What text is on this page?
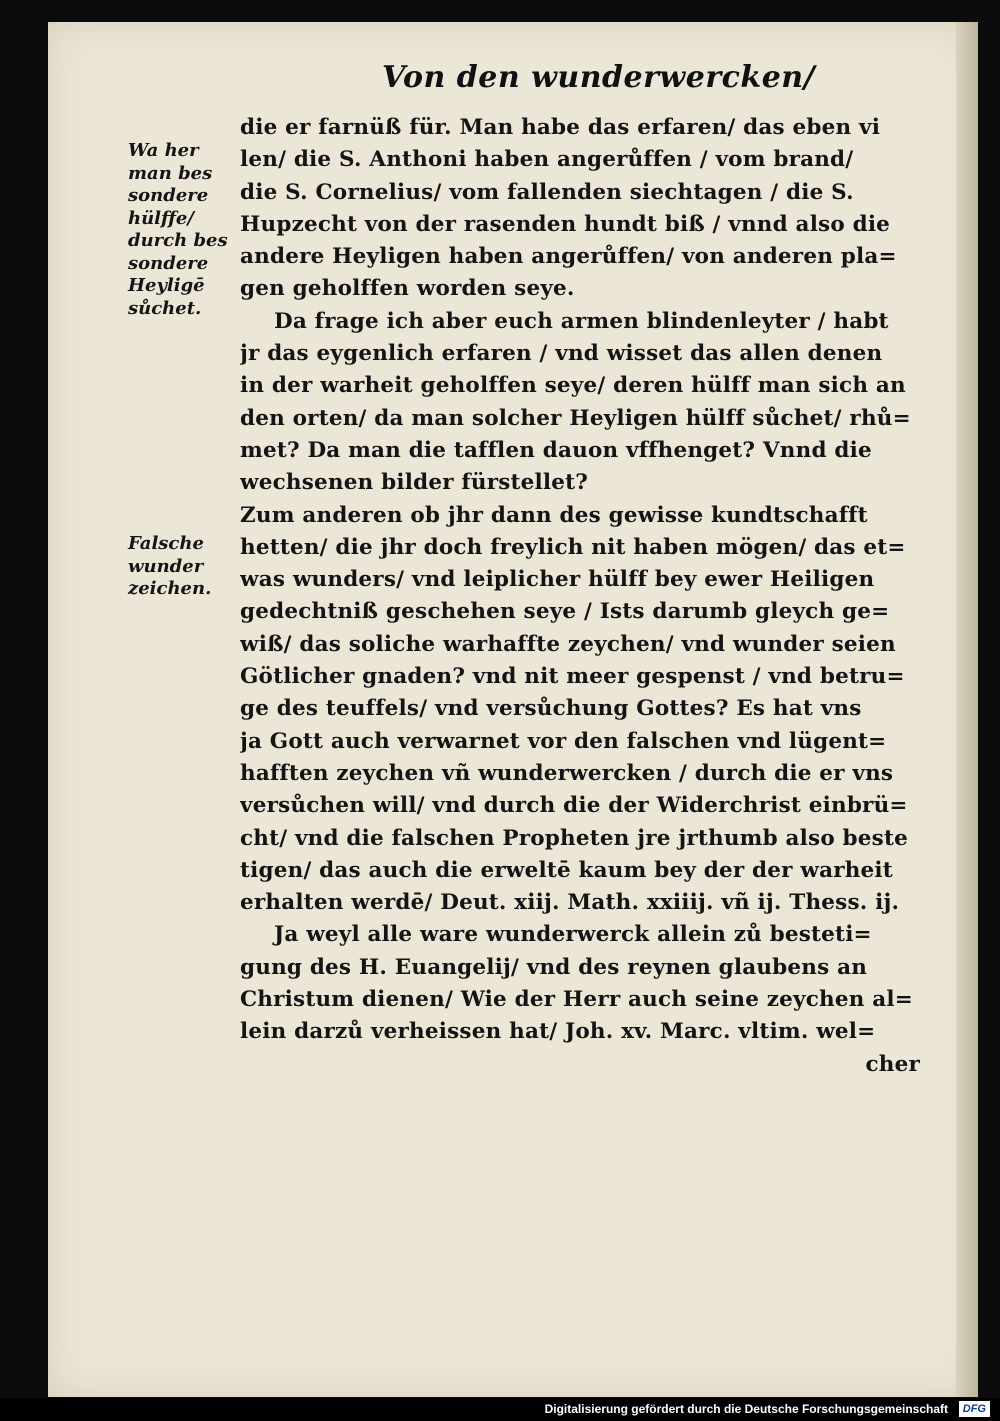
Von den wunderwercken/
Wa her
man bes
sondere
hülffe/
durch bes
sondere
Heyligē
sůchet.
Falsche
wunder
zeichen.
die er farnüß für. Man habe das erfaren/ das eben vi
len/ die S. Anthoni haben angerůffen / vom brand/
die S. Cornelius/ vom fallenden siechtagen / die S.
Hupzecht von der rasenden hundt biß / vnnd also die
andere Heyligen haben angerůffen/ von anderen pla=
gen geholffen worden seye.
Da frage ich aber euch armen blindenleyter / habt
jr das eygenlich erfaren / vnd wisset das allen denen
in der warheit geholffen seye/ deren hülff man sich an
den orten/ da man solcher Heyligen hülff sůchet/ rhů=
met? Da man die tafflen dauon vffhenget? Vnnd die
wechsenen bilder fürstellet?
Zum anderen ob jhr dann des gewisse kundtschafft
hetten/ die jhr doch freylich nit haben mögen/ das et=
was wunders/ vnd leiplicher hülff bey ewer Heiligen
gedechtniß geschehen seye / Ists darumb gleych ge=
wiß/ das soliche warhaffte zeychen/ vnd wunder seien
Götlicher gnaden? vnd nit meer gespenst / vnd betru=
ge des teuffels/ vnd versůchung Gottes? Es hat vns
ja Gott auch verwarnet vor den falschen vnd lügent=
hafften zeychen vñ wunderwercken / durch die er vns
versůchen will/ vnd durch die der Widerchrist einbrü=
cht/ vnd die falschen Propheten jre jrthumb also beste
tigen/ das auch die erweltē kaum bey der der warheit
erhalten werdē/ Deut. xiij. Math. xxiiij. vñ ij. Thess. ij.
Ja weyl alle ware wunderwerck allein zů besteti=
gung des H. Euangelij/ vnd des reynen glaubens an
Christum dienen/ Wie der Herr auch seine zeychen al=
lein darzů verheissen hat/ Joh. xv. Marc. vltim. wel=
cher
Digitalisierung gefördert durch die Deutsche Forschungsgemeinschaft	DFG
